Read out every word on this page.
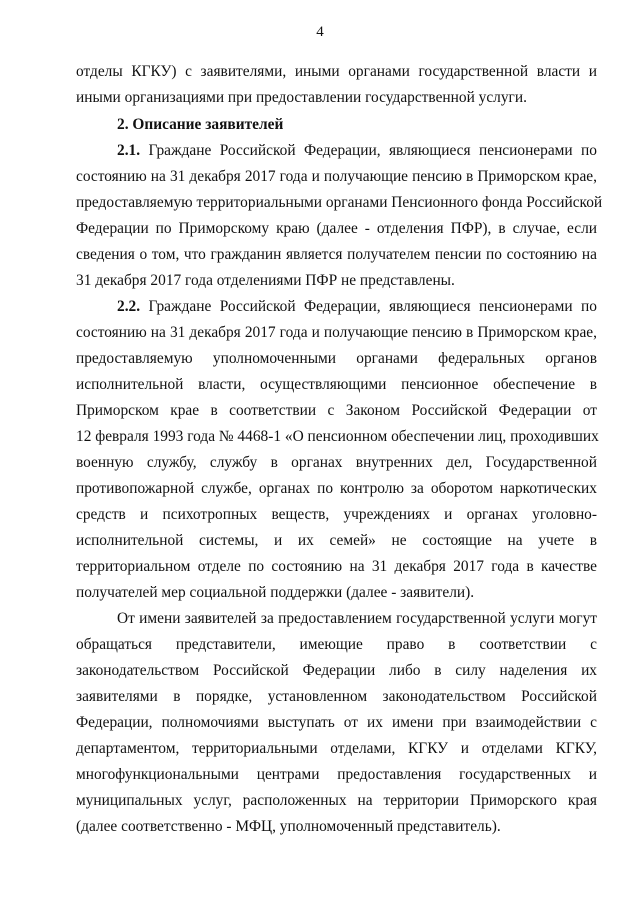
4
отделы КГКУ) с заявителями, иными органами государственной власти и
иными организациями при предоставлении государственной услуги.
2. Описание заявителей
2.1. Граждане Российской Федерации, являющиеся пенсионерами по
состоянию на 31 декабря 2017 года и получающие пенсию в Приморском крае,
предоставляемую территориальными органами Пенсионного фонда Российской
Федерации по Приморскому краю (далее - отделения ПФР), в случае, если
сведения о том, что гражданин является получателем пенсии по состоянию на
31 декабря 2017 года отделениями ПФР не представлены.
2.2. Граждане Российской Федерации, являющиеся пенсионерами по
состоянию на 31 декабря 2017 года и получающие пенсию в Приморском крае,
предоставляемую уполномоченными органами федеральных органов
исполнительной власти, осуществляющими пенсионное обеспечение в
Приморском крае в соответствии с Законом Российской Федерации от
12 февраля 1993 года № 4468-1 «О пенсионном обеспечении лиц, проходивших
военную службу, службу в органах внутренних дел, Государственной
противопожарной службе, органах по контролю за оборотом наркотических
средств и психотропных веществ, учреждениях и органах уголовно-
исполнительной системы, и их семей» не состоящие на учете в
территориальном отделе по состоянию на 31 декабря 2017 года в качестве
получателей мер социальной поддержки (далее - заявители).
От имени заявителей за предоставлением государственной услуги могут
обращаться представители, имеющие право в соответствии с
законодательством Российской Федерации либо в силу наделения их
заявителями в порядке, установленном законодательством Российской
Федерации, полномочиями выступать от их имени при взаимодействии с
департаментом, территориальными отделами, КГКУ и отделами КГКУ,
многофункциональными центрами предоставления государственных и
муниципальных услуг, расположенных на территории Приморского края
(далее соответственно - МФЦ, уполномоченный представитель).
